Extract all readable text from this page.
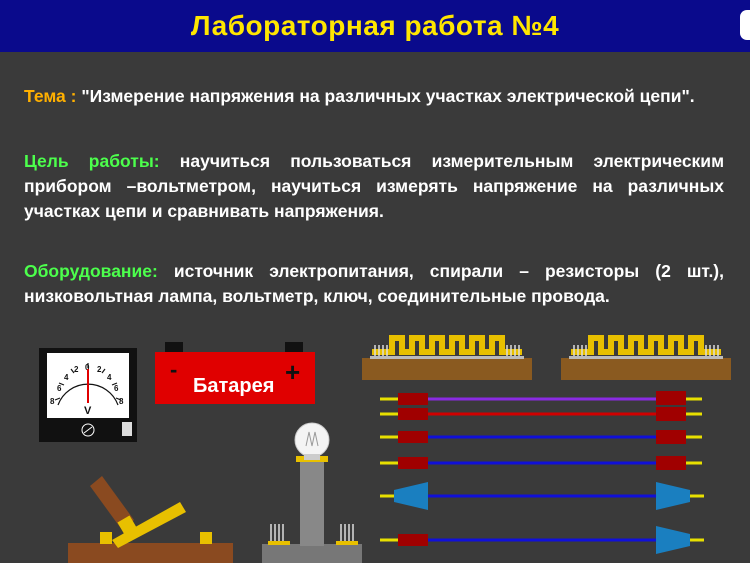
Лабораторная работа №4
Тема : "Измерение напряжения на различных участках электрической цепи".
Цель работы: научиться пользоваться измерительным электрическим прибором –вольтметром, научиться измерять напряжение на различных участках цепи и сравнивать напряжения.
Оборудование: источник электропитания, спирали – резисторы (2 шт.), низковольтная лампа, вольтметр, ключ, соединительные провода.
8
6
4
2 0 2
4
6
8
V
-	+
Батарея
